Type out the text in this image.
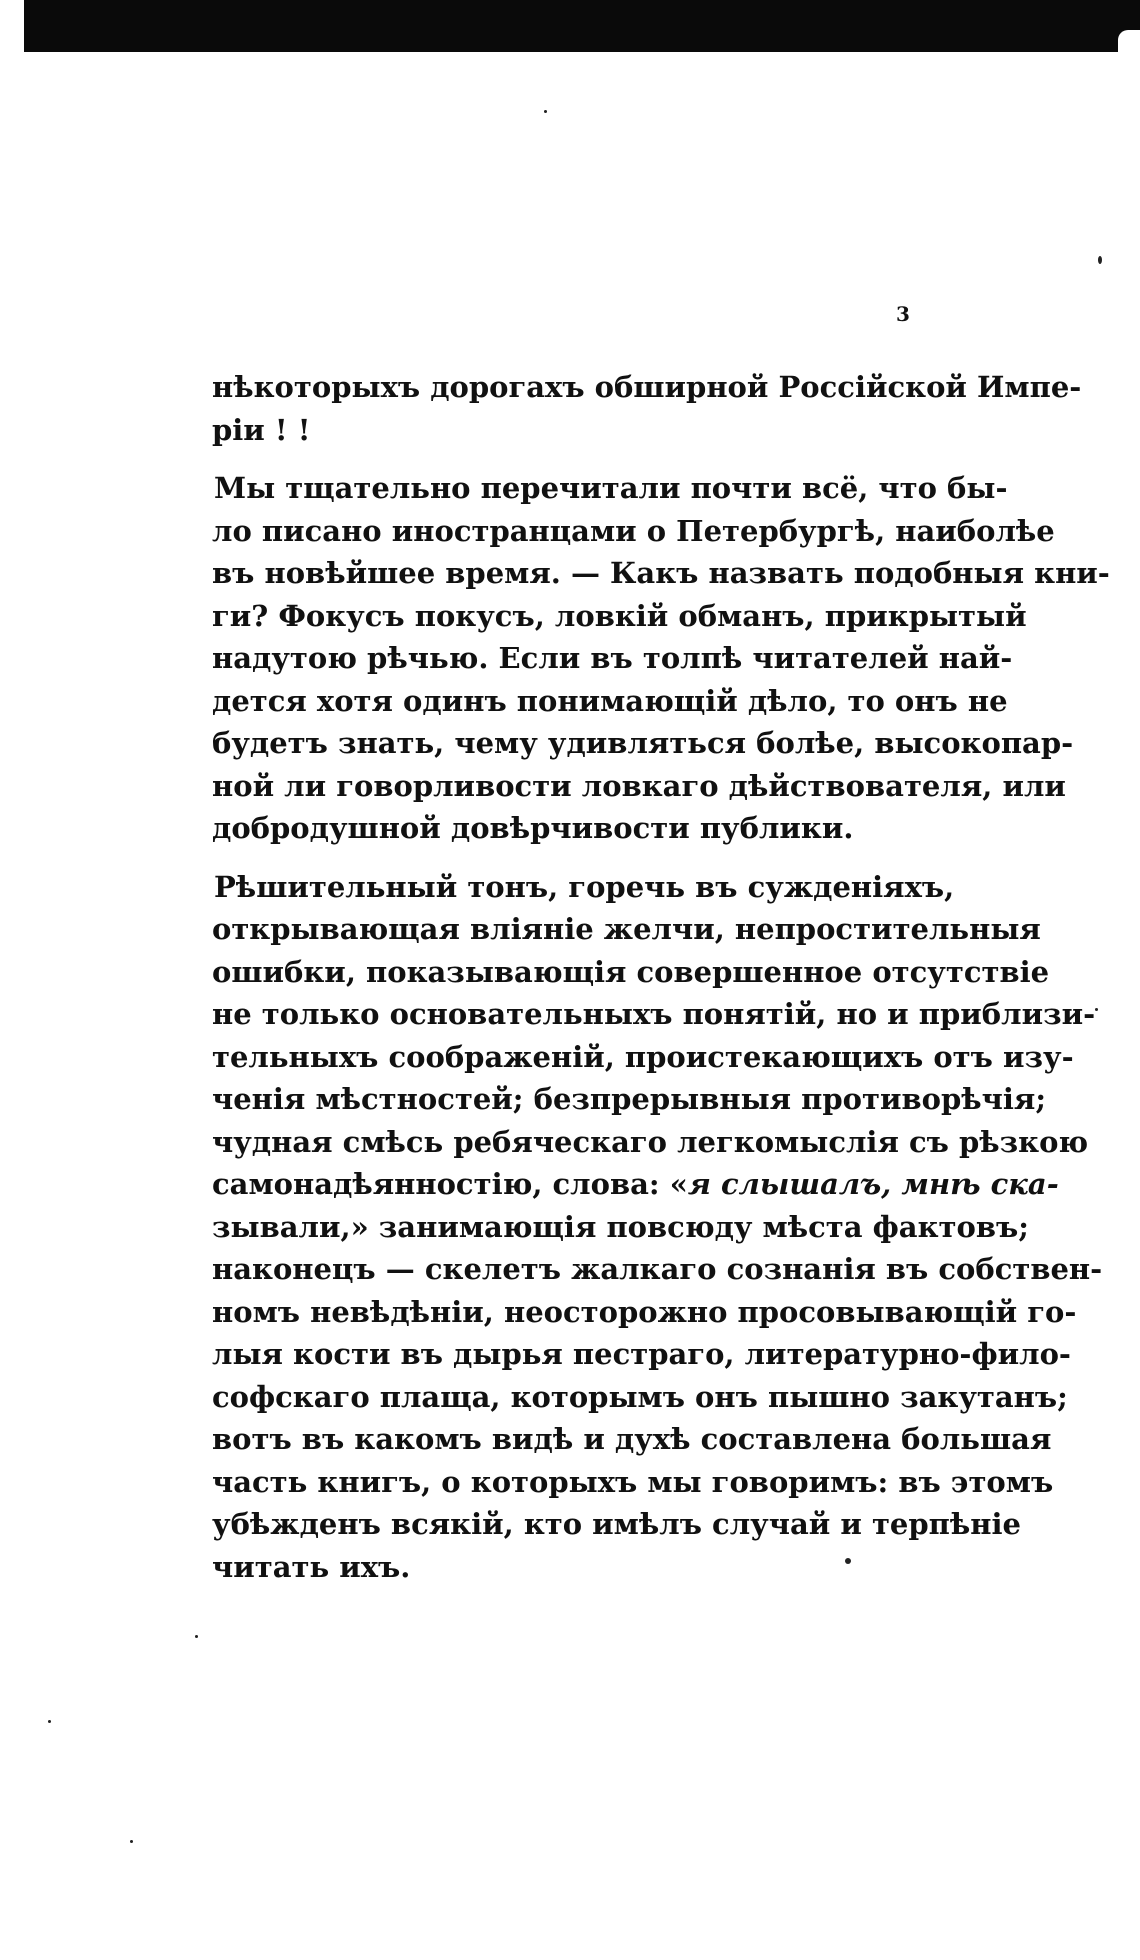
3
нѣкоторыхъ дорогахъ обширной Россійской Импе-
ріи ! !
Мы тщательно перечитали почти всё, что бы-
ло писано иностранцами о Петербургѣ, наиболѣе
въ новѣйшее время. — Какъ назвать подобныя кни-
ги? Фокусъ покусъ, ловкій обманъ, прикрытый
надутою рѣчью. Если въ толпѣ читателей най-
дется хотя одинъ понимающій дѣло, то онъ не
будетъ знать, чему удивляться болѣе, высокопар-
ной ли говорливости ловкаго дѣйствователя, или
добродушной довѣрчивости публики.
Рѣшительный тонъ, горечь въ сужденіяхъ,
открывающая вліяніе желчи, непростительныя
ошибки, показывающія совершенное отсутствіе
не только основательныхъ понятій, но и приблизи-
тельныхъ соображеній, проистекающихъ отъ изу-
ченія мѣстностей; безпрерывныя противорѣчія;
чудная смѣсь ребяческаго легкомыслія съ рѣзкою
самонадѣянностію, слова: «я слышалъ, мнѣ ска-
зывали,» занимающія повсюду мѣста фактовъ;
наконецъ — скелетъ жалкаго сознанія въ собствен-
номъ невѣдѣніи, неосторожно просовывающій го-
лыя кости въ дырья пестраго, литературно-фило-
софскаго плаща, которымъ онъ пышно закутанъ;
вотъ въ какомъ видѣ и духѣ составлена большая
часть книгъ, о которыхъ мы говоримъ: въ этомъ
убѣжденъ всякій, кто имѣлъ случай и терпѣніе
читать ихъ.
